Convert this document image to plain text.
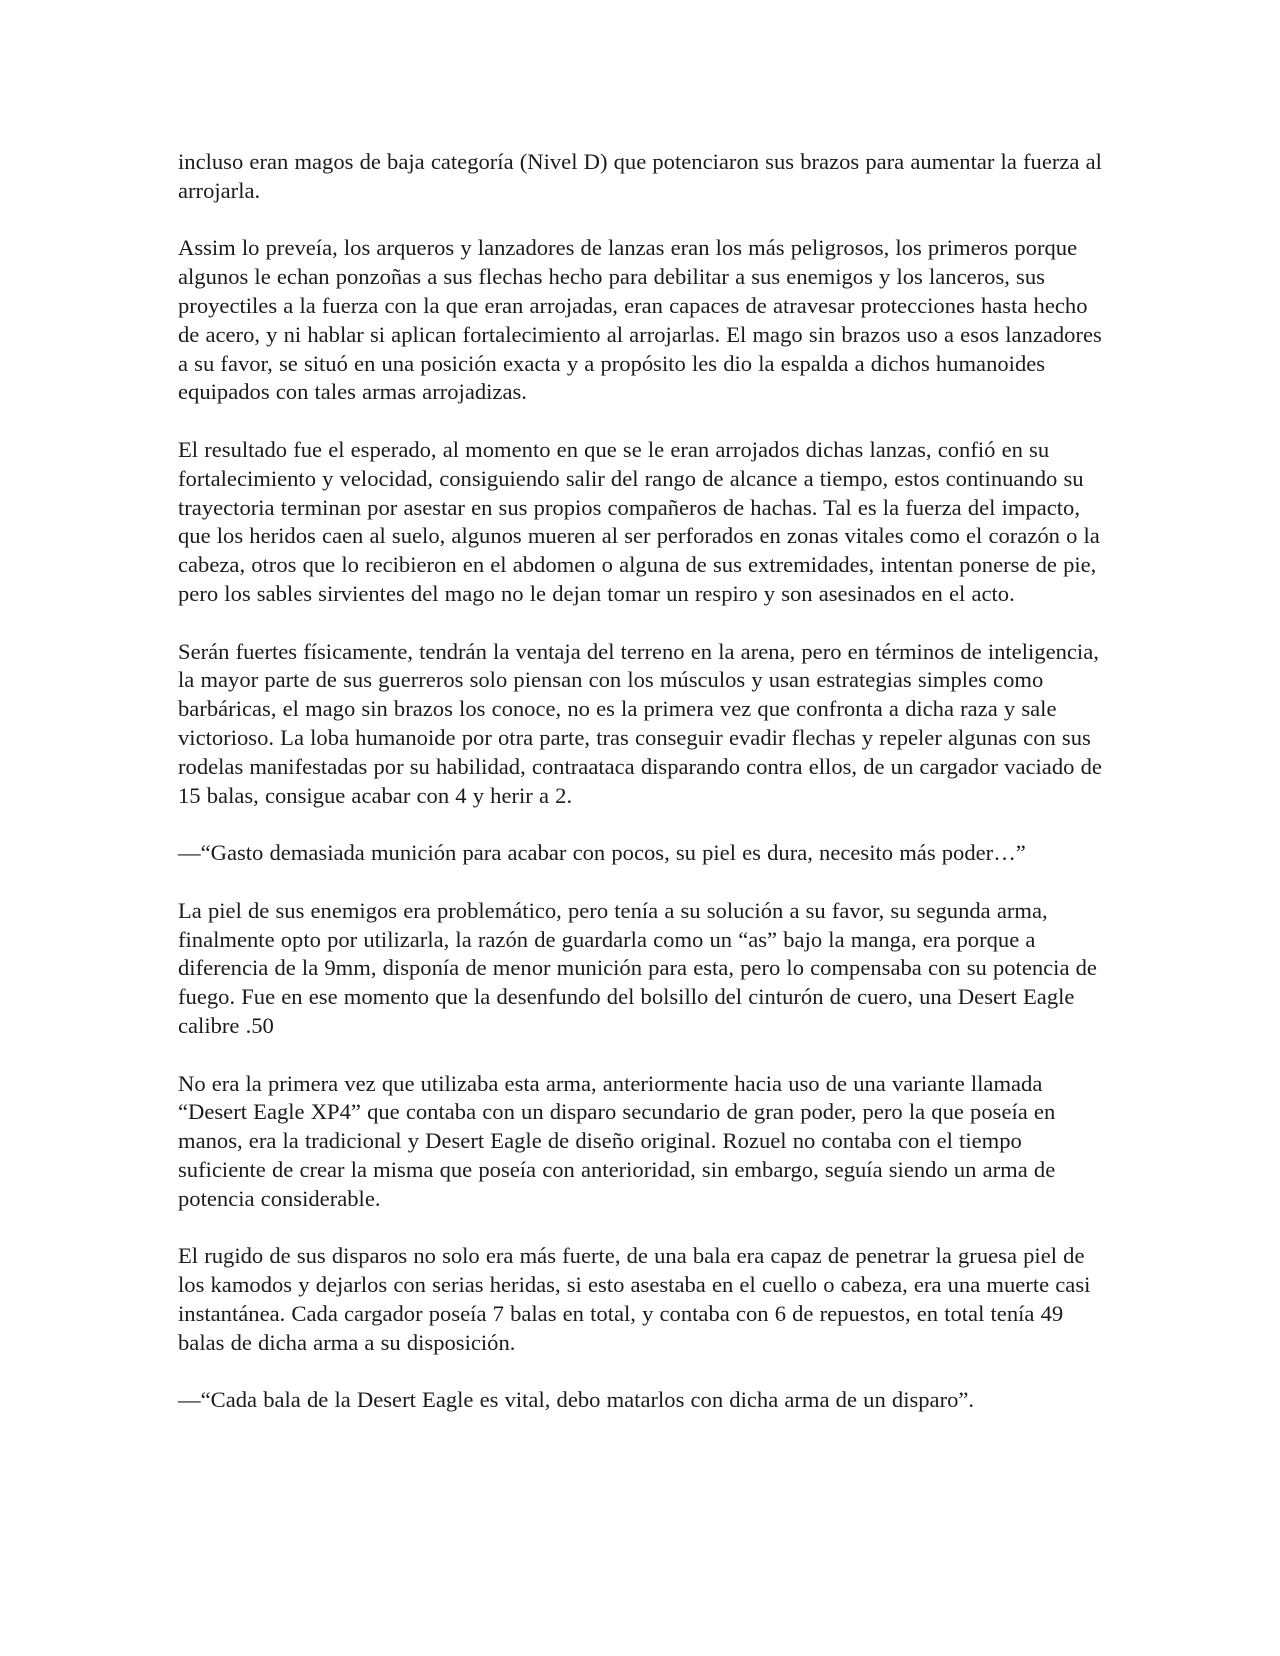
incluso eran magos de baja categoría (Nivel D) que potenciaron sus brazos para aumentar la fuerza al arrojarla.

Assim lo preveía, los arqueros y lanzadores de lanzas eran los más peligrosos, los primeros porque algunos le echan ponzoñas a sus flechas hecho para debilitar a sus enemigos y los lanceros, sus proyectiles a la fuerza con la que eran arrojadas, eran capaces de atravesar protecciones hasta hecho de acero, y ni hablar si aplican fortalecimiento al arrojarlas. El mago sin brazos uso a esos lanzadores a su favor, se situó en una posición exacta y a propósito les dio la espalda a dichos humanoides equipados con tales armas arrojadizas.

El resultado fue el esperado, al momento en que se le eran arrojados dichas lanzas, confió en su fortalecimiento y velocidad, consiguiendo salir del rango de alcance a tiempo, estos continuando su trayectoria terminan por asestar en sus propios compañeros de hachas. Tal es la fuerza del impacto, que los heridos caen al suelo, algunos mueren al ser perforados en zonas vitales como el corazón o la cabeza, otros que lo recibieron en el abdomen o alguna de sus extremidades, intentan ponerse de pie, pero los sables sirvientes del mago no le dejan tomar un respiro y son asesinados en el acto.

Serán fuertes físicamente, tendrán la ventaja del terreno en la arena, pero en términos de inteligencia, la mayor parte de sus guerreros solo piensan con los músculos y usan estrategias simples como barbáricas, el mago sin brazos los conoce, no es la primera vez que confronta a dicha raza y sale victorioso. La loba humanoide por otra parte, tras conseguir evadir flechas y repeler algunas con sus rodelas manifestadas por su habilidad, contraataca disparando contra ellos, de un cargador vaciado de 15 balas, consigue acabar con 4 y herir a 2.

—“Gasto demasiada munición para acabar con pocos, su piel es dura, necesito más poder…”

La piel de sus enemigos era problemático, pero tenía a su solución a su favor, su segunda arma, finalmente opto por utilizarla, la razón de guardarla como un “as” bajo la manga, era porque a diferencia de la 9mm, disponía de menor munición para esta, pero lo compensaba con su potencia de fuego. Fue en ese momento que la desenfundo del bolsillo del cinturón de cuero, una Desert Eagle calibre .50

No era la primera vez que utilizaba esta arma, anteriormente hacia uso de una variante llamada “Desert Eagle XP4” que contaba con un disparo secundario de gran poder, pero la que poseía en manos, era la tradicional y Desert Eagle de diseño original. Rozuel no contaba con el tiempo suficiente de crear la misma que poseía con anterioridad, sin embargo, seguía siendo un arma de potencia considerable.

El rugido de sus disparos no solo era más fuerte, de una bala era capaz de penetrar la gruesa piel de los kamodos y dejarlos con serias heridas, si esto asestaba en el cuello o cabeza, era una muerte casi instantánea. Cada cargador poseía 7 balas en total, y contaba con 6 de repuestos, en total tenía 49 balas de dicha arma a su disposición.

—“Cada bala de la Desert Eagle es vital, debo matarlos con dicha arma de un disparo”.
